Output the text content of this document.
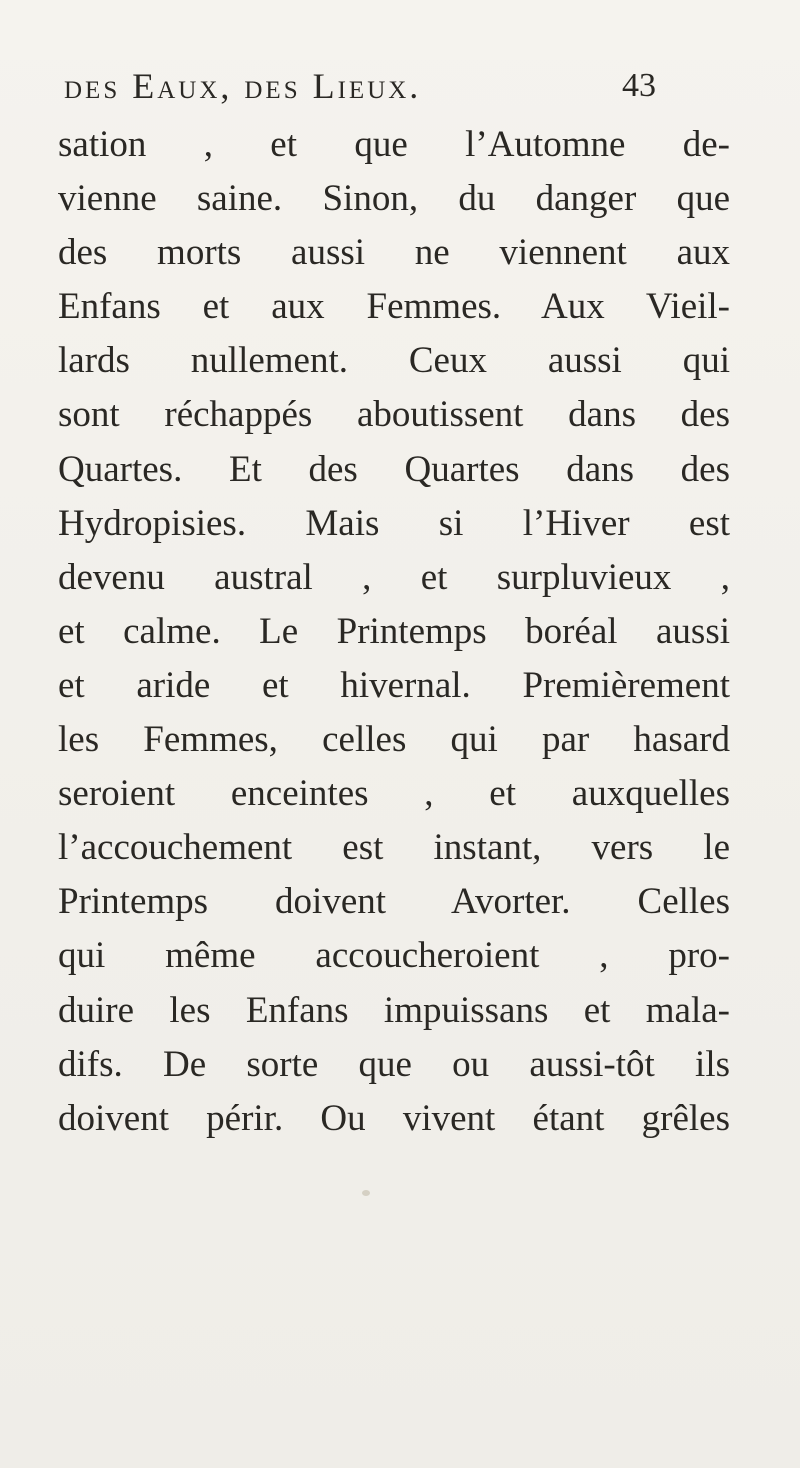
des Eaux, des Lieux.	43
sation , et que l’Automne de-
vienne saine. Sinon, du danger que
des morts aussi ne viennent aux
Enfans et aux Femmes. Aux Vieil-
lards nullement. Ceux aussi qui
sont réchappés aboutissent dans des
Quartes. Et des Quartes dans des
Hydropisies. Mais si l’Hiver est
devenu austral , et surpluvieux ,
et calme. Le Printemps boréal aussi
et aride et hivernal. Premièrement
les Femmes, celles qui par hasard
seroient enceintes , et auxquelles
l’accouchement est instant, vers le
Printemps doivent Avorter. Celles
qui même accoucheroient , pro-
duire les Enfans impuissans et mala-
difs. De sorte que ou aussi-tôt ils
doivent périr. Ou vivent étant grêles
